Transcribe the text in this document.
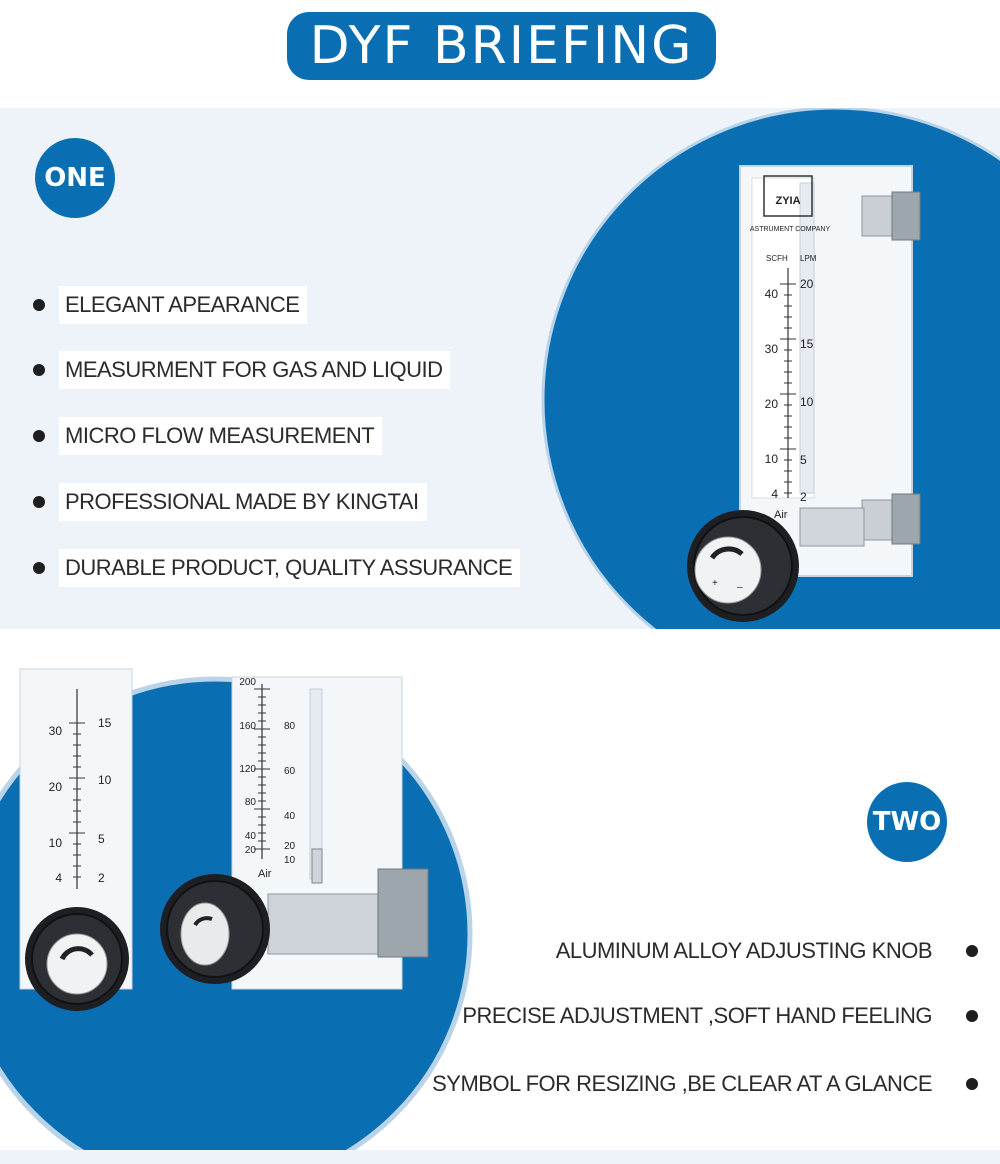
DYF BRIEFING
ONE
ELEGANT APEARANCE
MEASURMENT FOR GAS AND LIQUID
MICRO FLOW MEASUREMENT
PROFESSIONAL MADE BY KINGTAI
DURABLE PRODUCT, QUALITY ASSURANCE
ZYIA
ASTRUMENT COMPANY
SCFH LPM
40
30
20
10
4
20
15
10
5
2
Air
+ –
30
20
10
4
15
10
5
2
200
160
120
80
40
20
80
60
40
20
10
Air
TWO
ALUMINUM ALLOY ADJUSTING KNOB
PRECISE ADJUSTMENT ,SOFT HAND FEELING
SYMBOL FOR RESIZING ,BE CLEAR AT A GLANCE
